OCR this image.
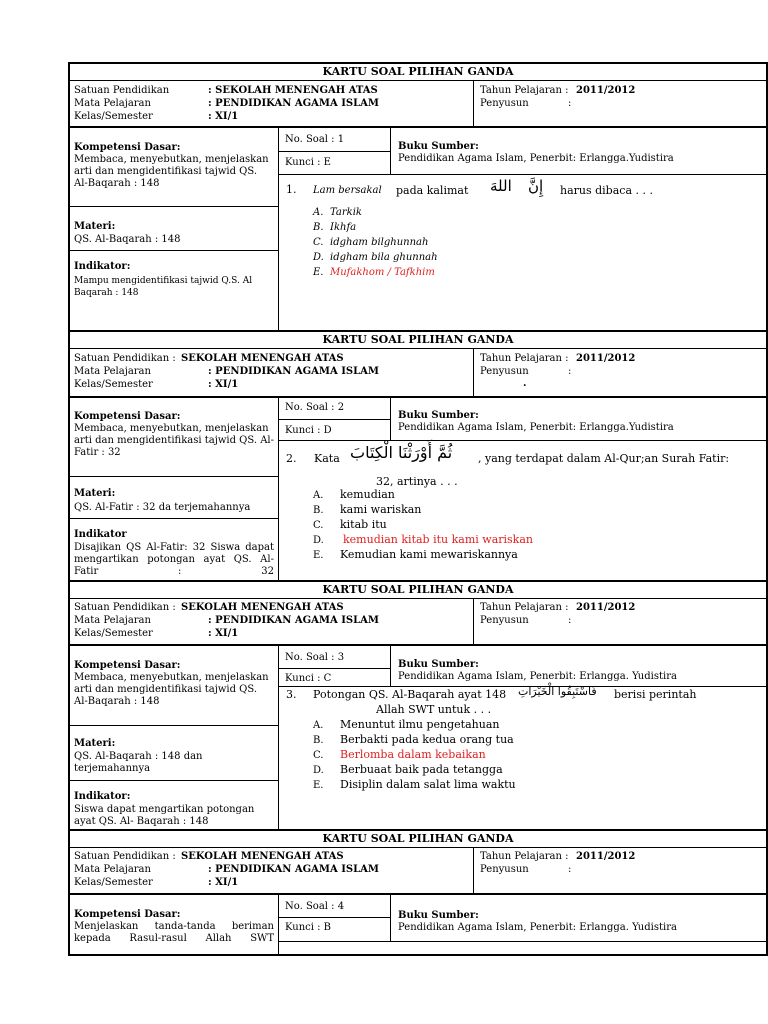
KARTU SOAL PILIHAN GANDA
Satuan Pendidikan	: SEKOLAH MENENGAH ATAS
Mata Pelajaran	: PENDIDIKAN AGAMA ISLAM
Kelas/Semester	: XI/1
Tahun Pelajaran : 2011/2012
Penyusun	:
Kompetensi Dasar:
Membaca, menyebutkan, menjelaskan arti dan mengidentifikasi tajwid QS. Al-Baqarah : 148
Materi:
QS. Al-Baqarah : 148
Indikator:
Mampu mengidentifikasi tajwid Q.S. Al Baqarah : 148
No. Soal : 1
Kunci : E
Buku Sumber:
Pendidikan Agama Islam, Penerbit: Erlangga.Yudistira
1. Lam bersakal pada kalimat اللهَ إِنَّ harus dibaca . . .
A. Tarkik
B. Ikhfa
C. idgham bilghunnah
D. idgham bila ghunnah
E. Mufakhom / Tafkhim
KARTU SOAL PILIHAN GANDA
Satuan Pendidikan : SEKOLAH MENENGAH ATAS
Mata Pelajaran	: PENDIDIKAN AGAMA ISLAM
Kelas/Semester	: XI/1
Tahun Pelajaran : 2011/2012
Penyusun	:
.
Kompetensi Dasar:
Membaca, menyebutkan, menjelaskan arti dan mengidentifikasi tajwid QS. Al-Fatir : 32
Materi:
QS. Al-Fatir : 32 da terjemahannya
Indikator
Disajikan QS Al-Fatir: 32 Siswa dapat mengartikan potongan ayat QS. Al-Fatir : 32
No. Soal : 2
Kunci : D
Buku Sumber:
Pendidikan Agama Islam, Penerbit: Erlangga.Yudistira
2. Kata ثُمَّ أَوْرَثْنَا الْكِتَابَ , yang terdapat dalam Al-Qur;an Surah Fatir:
32, artinya . . .
A. kemudian
B. kami wariskan
C. kitab itu
D. kemudian kitab itu kami wariskan
E. Kemudian kami mewariskannya
KARTU SOAL PILIHAN GANDA
Satuan Pendidikan : SEKOLAH MENENGAH ATAS
Mata Pelajaran	: PENDIDIKAN AGAMA ISLAM
Kelas/Semester	: XI/1
Tahun Pelajaran : 2011/2012
Penyusun	:
Kompetensi Dasar:
Membaca, menyebutkan, menjelaskan arti dan mengidentifikasi tajwid QS. Al-Baqarah : 148
Materi:
QS. Al-Baqarah : 148 dan terjemahannya
Indikator:
Siswa dapat mengartikan potongan ayat QS. Al- Baqarah : 148
No. Soal : 3
Kunci : C
Buku Sumber:
Pendidikan Agama Islam, Penerbit: Erlangga. Yudistira
3. Potongan QS. Al-Baqarah ayat 148 فَاسْتَبِقُوا الْخَيْرَاتِ berisi perintah
Allah SWT untuk . . .
A. Menuntut ilmu pengetahuan
B. Berbakti pada kedua orang tua
C. Berlomba dalam kebaikan
D. Berbuaat baik pada tetangga
E. Disiplin dalam salat lima waktu
KARTU SOAL PILIHAN GANDA
Satuan Pendidikan : SEKOLAH MENENGAH ATAS
Mata Pelajaran	: PENDIDIKAN AGAMA ISLAM
Kelas/Semester	: XI/1
Tahun Pelajaran : 2011/2012
Penyusun	:
Kompetensi Dasar:
Menjelaskan tanda-tanda beriman kepada Rasul-rasul Allah SWT
No. Soal : 4
Kunci : B
Buku Sumber:
Pendidikan Agama Islam, Penerbit: Erlangga. Yudistira
